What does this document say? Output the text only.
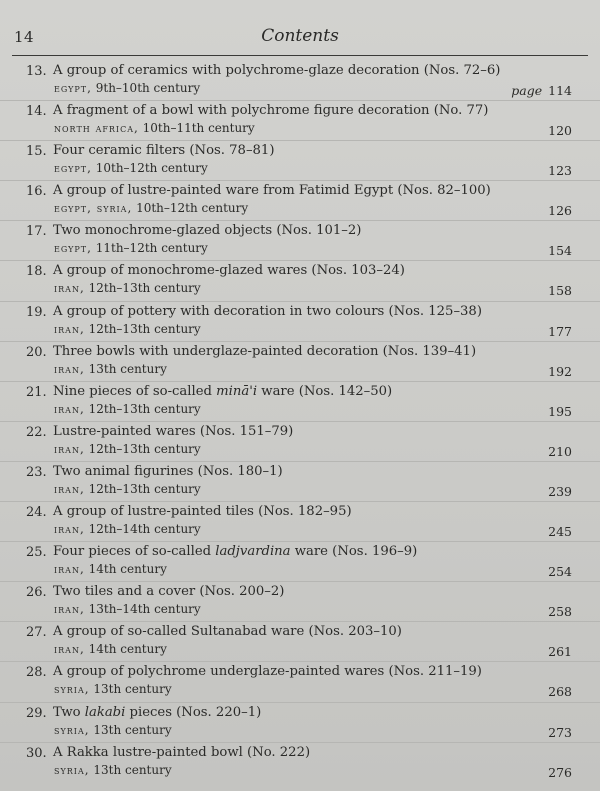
14	Contents
13. A group of ceramics with polychrome-glaze decoration (Nos. 72–6)
egypt, 9th–10th century	page 114
14. A fragment of a bowl with polychrome figure decoration (No. 77)
north africa, 10th–11th century	120
15. Four ceramic filters (Nos. 78–81)
egypt, 10th–12th century	123
16. A group of lustre-painted ware from Fatimid Egypt (Nos. 82–100)
egypt, syria, 10th–12th century	126
17. Two monochrome-glazed objects (Nos. 101–2)
egypt, 11th–12th century	154
18. A group of monochrome-glazed wares (Nos. 103–24)
iran, 12th–13th century	158
19. A group of pottery with decoration in two colours (Nos. 125–38)
iran, 12th–13th century	177
20. Three bowls with underglaze-painted decoration (Nos. 139–41)
iran, 13th century	192
21. Nine pieces of so-called minā'i ware (Nos. 142–50)
iran, 12th–13th century	195
22. Lustre-painted wares (Nos. 151–79)
iran, 12th–13th century	210
23. Two animal figurines (Nos. 180–1)
iran, 12th–13th century	239
24. A group of lustre-painted tiles (Nos. 182–95)
iran, 12th–14th century	245
25. Four pieces of so-called ladjvardina ware (Nos. 196–9)
iran, 14th century	254
26. Two tiles and a cover (Nos. 200–2)
iran, 13th–14th century	258
27. A group of so-called Sultanabad ware (Nos. 203–10)
iran, 14th century	261
28. A group of polychrome underglaze-painted wares (Nos. 211–19)
syria, 13th century	268
29. Two lakabi pieces (Nos. 220–1)
syria, 13th century	273
30. A Rakka lustre-painted bowl (No. 222)
syria, 13th century	276
